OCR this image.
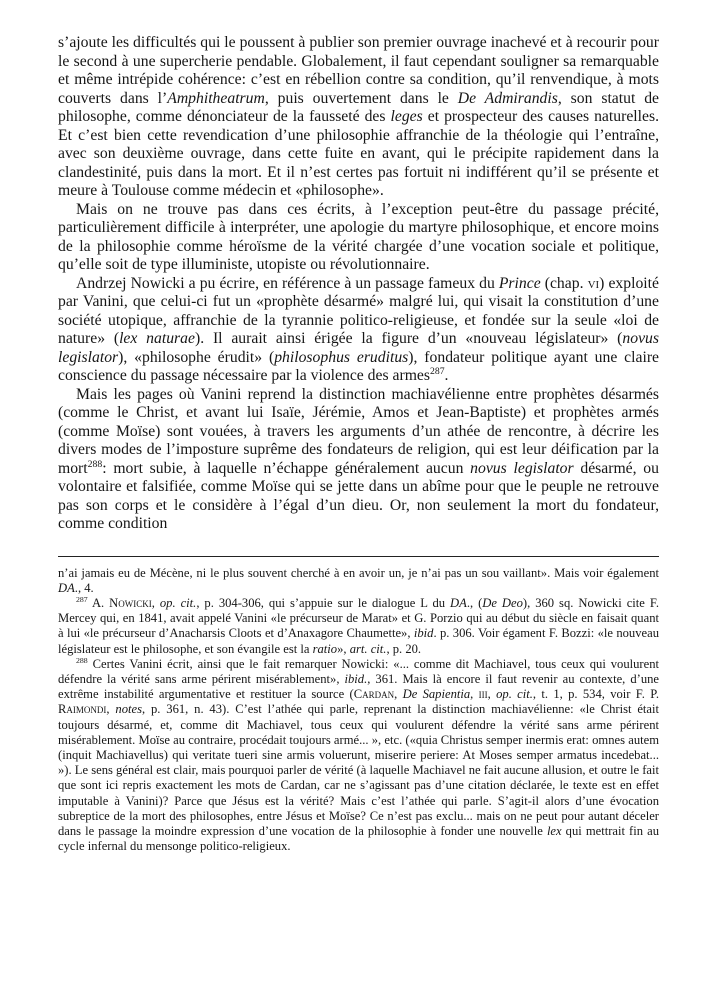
s’ajoute les difficultés qui le poussent à publier son premier ouvrage inachevé et à recourir pour le second à une supercherie pendable. Globalement, il faut cependant souligner sa remarquable et même intrépide cohérence: c’est en rébellion contre sa condition, qu’il renvendique, à mots couverts dans l’Amphitheatrum, puis ouvertement dans le De Admirandis, son statut de philosophe, comme dénonciateur de la fausseté des leges et prospecteur des causes naturelles. Et c’est bien cette revendication d’une philosophie affranchie de la théologie qui l’entraîne, avec son deuxième ouvrage, dans cette fuite en avant, qui le précipite rapidement dans la clandestinité, puis dans la mort. Et il n’est certes pas fortuit ni indifférent qu’il se présente et meure à Toulouse comme médecin et «philosophe».

Mais on ne trouve pas dans ces écrits, à l’exception peut-être du passage précité, particulièrement difficile à interpréter, une apologie du martyre philosophique, et encore moins de la philosophie comme héroïsme de la vérité chargée d’une vocation sociale et politique, qu’elle soit de type illuministe, utopiste ou révolutionnaire.

Andrzej Nowicki a pu écrire, en référence à un passage fameux du Prince (chap. vi) exploité par Vanini, que celui-ci fut un «prophète désarmé» malgré lui, qui visait la constitution d’une société utopique, affranchie de la tyrannie politico-religieuse, et fondée sur la seule «loi de nature» (lex naturae). Il aurait ainsi érigée la figure d’un «nouveau législateur» (novus legislator), «philosophe érudit» (philosophus eruditus), fondateur politique ayant une claire conscience du passage nécessaire par la violence des armes$^{287}$.

Mais les pages où Vanini reprend la distinction machiavélienne entre prophètes désarmés (comme le Christ, et avant lui Isaïe, Jérémie, Amos et Jean-Baptiste) et prophètes armés (comme Moïse) sont vouées, à travers les arguments d’un athée de rencontre, à décrire les divers modes de l’imposture suprême des fondateurs de religion, qui est leur déification par la mort$^{288}$: mort subie, à laquelle n’échappe généralement aucun novus legislator désarmé, ou volontaire et falsifiée, comme Moïse qui se jette dans un abîme pour que le peuple ne retrouve pas son corps et le considère à l’égal d’un dieu. Or, non seulement la mort du fondateur, comme condition

n’ai jamais eu de Mécène, ni le plus souvent cherché à en avoir un, je n’ai pas un sou vaillant». Mais voir également DA., 4.

$^{287}$ A. Nowicki, op. cit., p. 304-306, qui s’appuie sur le dialogue L du DA., (De Deo), 360 sq. Nowicki cite F. Mercey qui, en 1841, avait appelé Vanini «le précurseur de Marat» et G. Porzio qui au début du siècle en faisait quant à lui «le précurseur d’Anacharsis Cloots et d’Anaxagore Chaumette», ibid. p. 306. Voir égament F. Bozzi: «le nouveau législateur est le philosophe, et son évangile est la ratio», art. cit., p. 20.

$^{288}$ Certes Vanini écrit, ainsi que le fait remarquer Nowicki: «... comme dit Machiavel, tous ceux qui voulurent défendre la vérité sans arme périrent misérablement», ibid., 361. Mais là encore il faut revenir au contexte, d’une extrême instabilité argumentative et restituer la source (Cardan, De Sapientia, iii, op. cit., t. 1, p. 534, voir F. P. Raimondi, notes, p. 361, n. 43). C’est l’athée qui parle, reprenant la distinction machiavélienne: «le Christ était toujours désarmé, et, comme dit Machiavel, tous ceux qui voulurent défendre la vérité sans arme périrent misérablement. Moïse au contraire, procédait toujours armé... », etc. («quia Christus semper inermis erat: omnes autem (inquit Machiavellus) qui veritate tueri sine armis voluerunt, miserire periere: At Moses semper armatus incedebat... »). Le sens général est clair, mais pourquoi parler de vérité (à laquelle Machiavel ne fait aucune allusion, et outre le fait que sont ici repris exactement les mots de Cardan, car ne s’agissant pas d’une citation déclarée, le texte est en effet imputable à Vanini)? Parce que Jésus est la vérité? Mais c’est l’athée qui parle. S’agit-il alors d’une évocation subreptice de la mort des philosophes, entre Jésus et Moïse? Ce n’est pas exclu... mais on ne peut pour autant déceler dans le passage la moindre expression d’une vocation de la philosophie à fonder une nouvelle lex qui mettrait fin au cycle infernal du mensonge politico-religieux.
